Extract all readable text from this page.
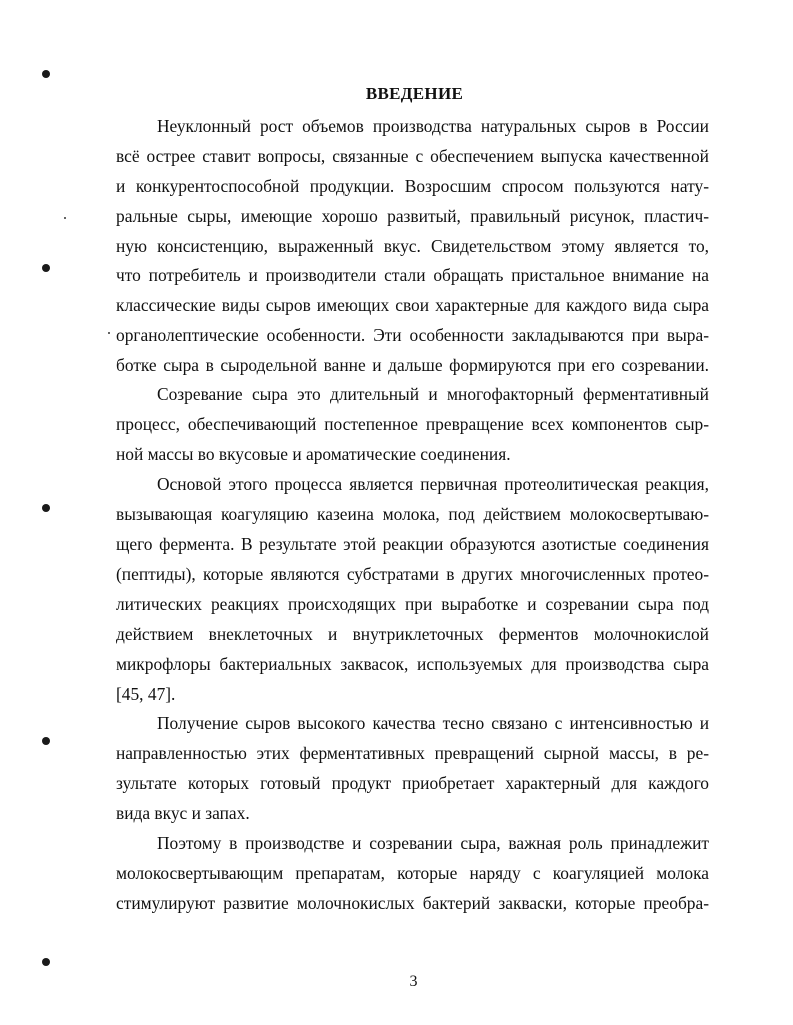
ВВЕДЕНИЕ
Неуклонный рост объемов производства натуральных сыров в России
всё острее ставит вопросы, связанные с обеспечением выпуска качественной
и конкурентоспособной продукции. Возросшим спросом пользуются нату-
ральные сыры, имеющие хорошо развитый, правильный рисунок, пластич-
ную консистенцию, выраженный вкус. Свидетельством этому является то,
что потребитель и производители стали обращать пристальное внимание на
классические виды сыров имеющих свои характерные для каждого вида сыра
органолептические особенности. Эти особенности закладываются при выра-
ботке сыра в сыродельной ванне и дальше формируются при его созревании.
Созревание сыра это длительный и многофакторный ферментативный
процесс, обеспечивающий постепенное превращение всех компонентов сыр-
ной массы во вкусовые и ароматические соединения.
Основой этого процесса является первичная протеолитическая реакция,
вызывающая коагуляцию казеина молока, под действием молокосвертываю-
щего фермента. В результате этой реакции образуются азотистые соединения
(пептиды), которые являются субстратами в других многочисленных протео-
литических реакциях происходящих при выработке и созревании сыра под
действием внеклеточных и внутриклеточных ферментов молочнокислой
микрофлоры бактериальных заквасок, используемых для производства сыра
[45, 47].
Получение сыров высокого качества тесно связано с интенсивностью и
направленностью этих ферментативных превращений сырной массы, в ре-
зультате которых готовый продукт приобретает характерный для каждого
вида вкус и запах.
Поэтому в производстве и созревании сыра, важная роль принадлежит
молокосвертывающим препаратам, которые наряду с коагуляцией молока
стимулируют развитие молочнокислых бактерий закваски, которые преобра-
3
